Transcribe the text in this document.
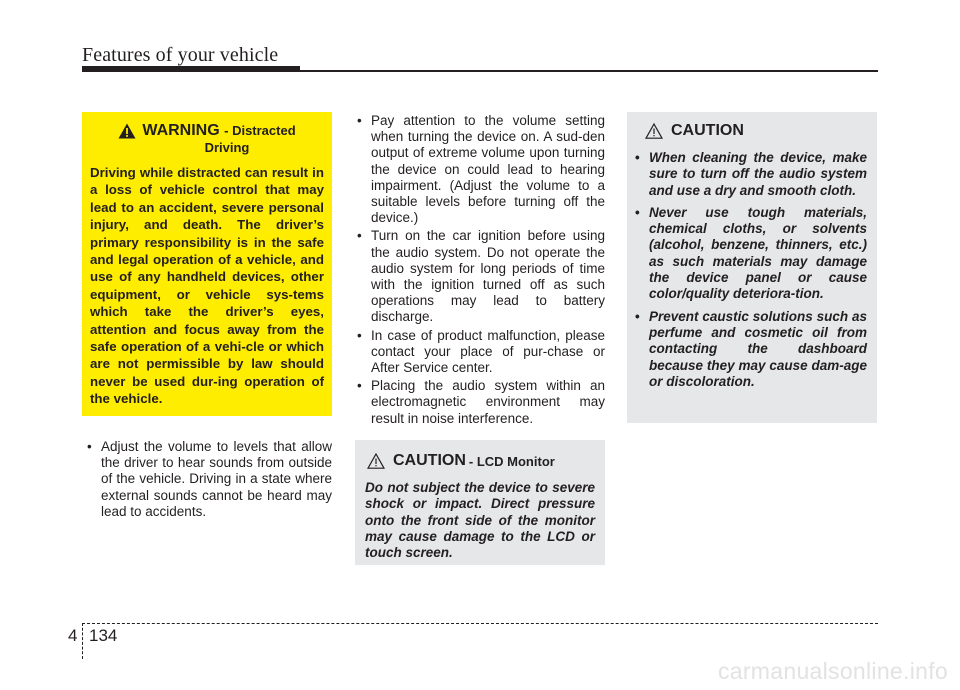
Features of your vehicle
WARNING - Distracted
Driving
Driving while distracted can result in a loss of vehicle control that may lead to an accident, severe personal injury, and death. The driver’s primary responsibility is in the safe and legal operation of a vehicle, and use of any handheld devices, other equipment, or vehicle sys-tems which take the driver’s eyes, attention and focus away from the safe operation of a vehi-cle or which are not permissible by law should never be used dur-ing operation of the vehicle.
• Adjust the volume to levels that allow the driver to hear sounds from outside of the vehicle. Driving in a state where external sounds cannot be heard may lead to accidents.
• Pay attention to the volume setting when turning the device on. A sud-den output of extreme volume upon turning the device on could lead to hearing impairment. (Adjust the volume to a suitable levels before turning off the device.)
• Turn on the car ignition before using the audio system. Do not operate the audio system for long periods of time with the ignition turned off as such operations may lead to battery discharge.
• In case of product malfunction, please contact your place of pur-chase or After Service center.
• Placing the audio system within an electromagnetic environment may result in noise interference.
CAUTION - LCD Monitor
Do not subject the device to severe shock or impact. Direct pressure onto the front side of the monitor may cause damage to the LCD or touch screen.
CAUTION
• When cleaning the device, make sure to turn off the audio system and use a dry and smooth cloth.
• Never use tough materials, chemical cloths, or solvents (alcohol, benzene, thinners, etc.) as such materials may damage the device panel or cause color/quality deteriora-tion.
• Prevent caustic solutions such as perfume and cosmetic oil from contacting the dashboard because they may cause dam-age or discoloration.
4 134
carmanualsonline.info
